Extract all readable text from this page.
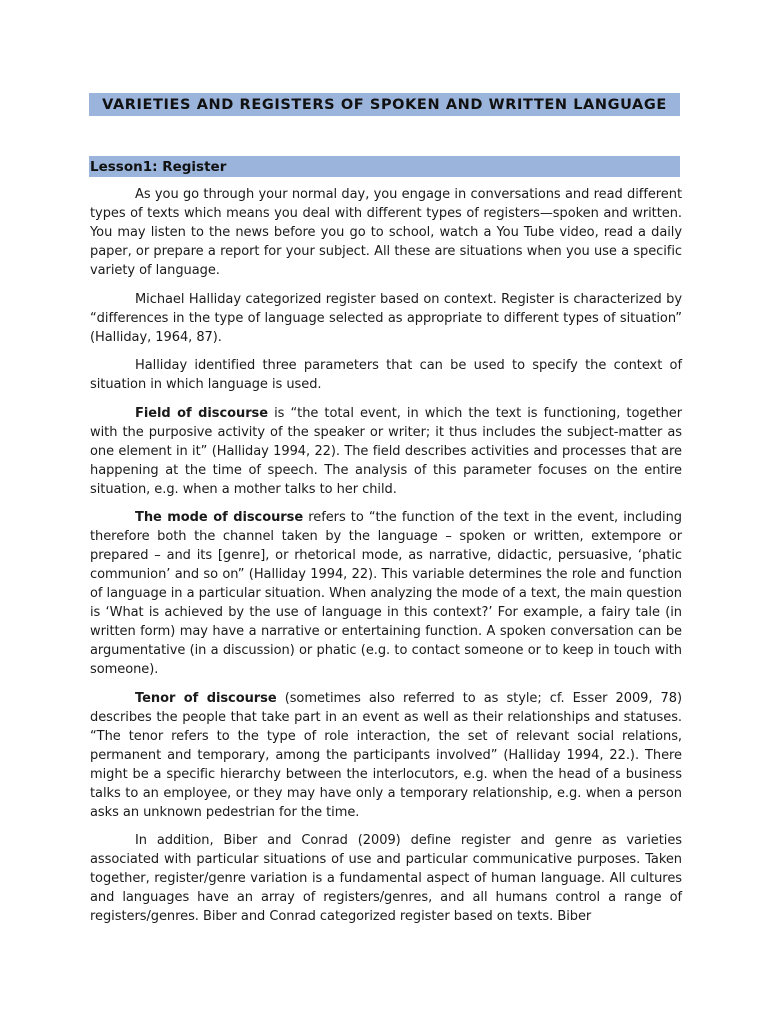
VARIETIES AND REGISTERS OF SPOKEN AND WRITTEN LANGUAGE
Lesson1: Register

As you go through your normal day, you engage in conversations and read different types of texts which means you deal with different types of registers—spoken and written. You may listen to the news before you go to school, watch a You Tube video, read a daily paper, or prepare a report for your subject. All these are situations when you use a specific variety of language.

Michael Halliday categorized register based on context. Register is characterized by “differences in the type of language selected as appropriate to different types of situation” (Halliday, 1964, 87).

Halliday identified three parameters that can be used to specify the context of situation in which language is used.

Field of discourse is “the total event, in which the text is functioning, together with the purposive activity of the speaker or writer; it thus includes the subject-matter as one element in it” (Halliday 1994, 22). The field describes activities and processes that are happening at the time of speech. The analysis of this parameter focuses on the entire situation, e.g. when a mother talks to her child.

The mode of discourse refers to “the function of the text in the event, including therefore both the channel taken by the language – spoken or written, extempore or prepared – and its [genre], or rhetorical mode, as narrative, didactic, persuasive, ‘phatic communion’ and so on” (Halliday 1994, 22). This variable determines the role and function of language in a particular situation. When analyzing the mode of a text, the main question is ‘What is achieved by the use of language in this context?’ For example, a fairy tale (in written form) may have a narrative or entertaining function. A spoken conversation can be argumentative (in a discussion) or phatic (e.g. to contact someone or to keep in touch with someone).

Tenor of discourse (sometimes also referred to as style; cf. Esser 2009, 78) describes the people that take part in an event as well as their relationships and statuses. “The tenor refers to the type of role interaction, the set of relevant social relations, permanent and temporary, among the participants involved” (Halliday 1994, 22.). There might be a specific hierarchy between the interlocutors, e.g. when the head of a business talks to an employee, or they may have only a temporary relationship, e.g. when a person asks an unknown pedestrian for the time.

In addition, Biber and Conrad (2009) define register and genre as varieties associated with particular situations of use and particular communicative purposes. Taken together, register/genre variation is a fundamental aspect of human language. All cultures and languages have an array of registers/genres, and all humans control a range of registers/genres. Biber and Conrad categorized register based on texts. Biber
